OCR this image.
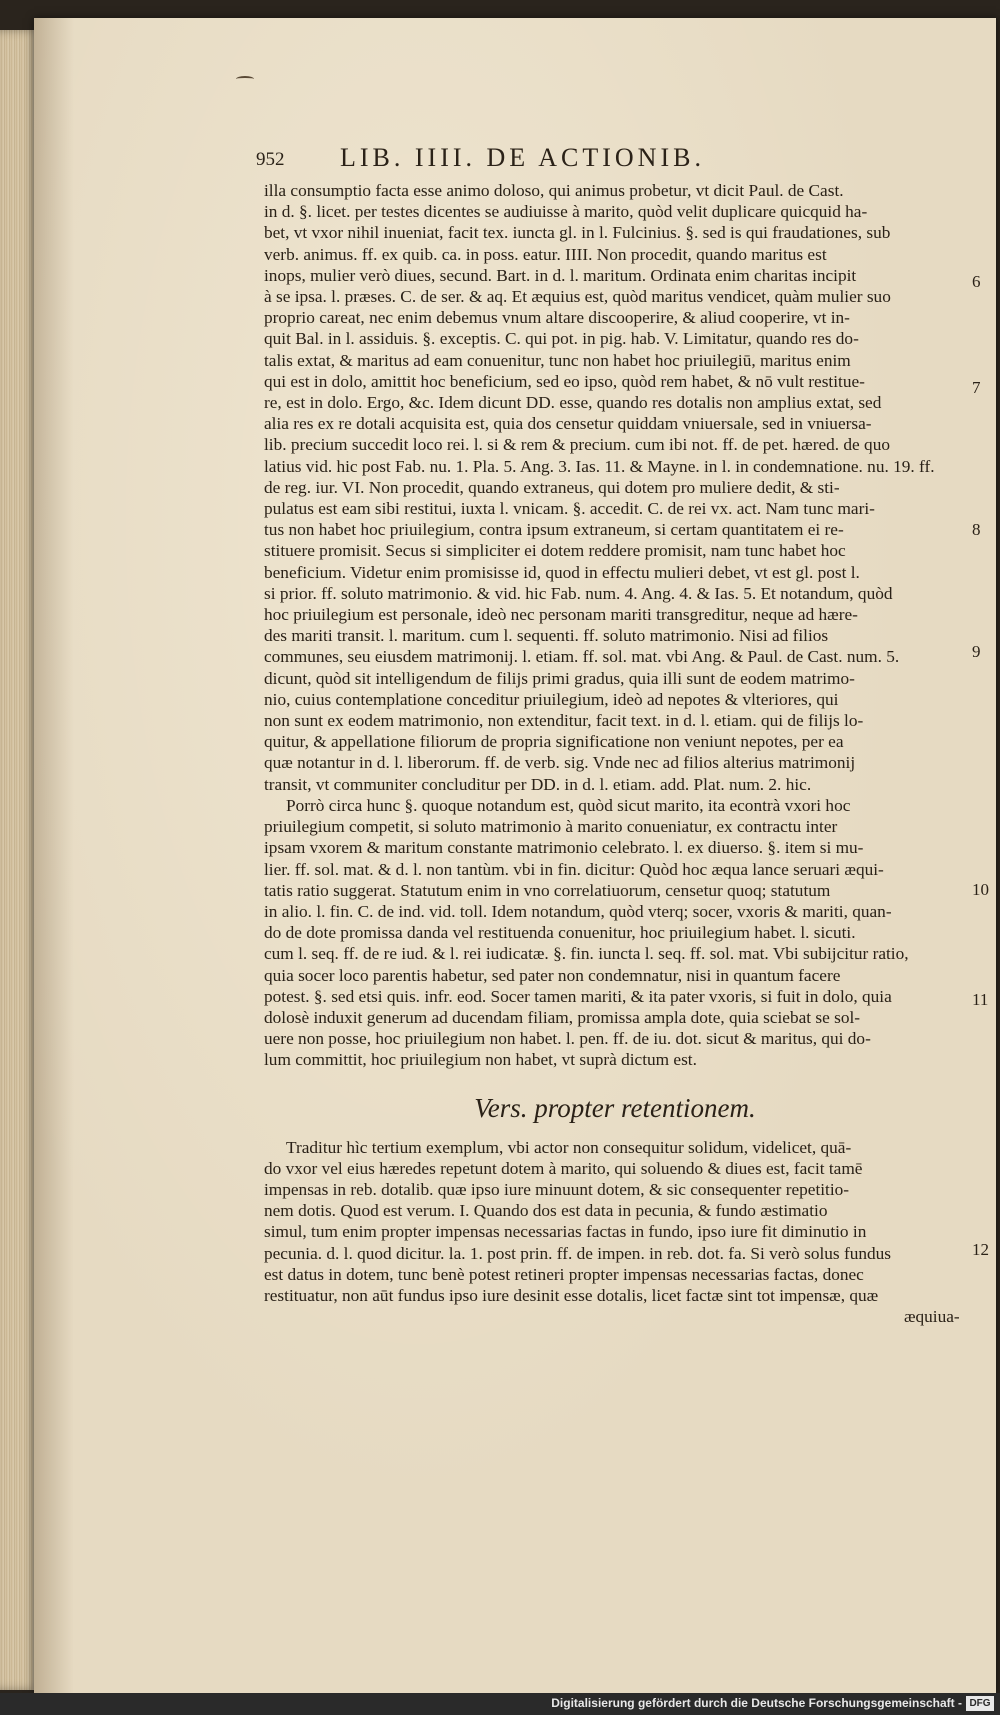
952 LIB. IIII. DE ACTIONIB.
illa consumptio facta esse animo doloso, qui animus probetur, vt dicit Paul. de Cast.
in d. §. licet. per testes dicentes se audiuisse à marito, quòd velit duplicare quicquid ha-
bet, vt vxor nihil inueniat, facit tex. iuncta gl. in l. Fulcinius. §. sed is qui fraudationes, sub
verb. animus. ff. ex quib. ca. in poss. eatur. IIII. Non procedit, quando maritus est
inops, mulier verò diues, secund. Bart. in d. l. maritum. Ordinata enim charitas incipit
à se ipsa. l. præses. C. de ser. & aq. Et æquius est, quòd maritus vendicet, quàm mulier suo
proprio careat, nec enim debemus vnum altare discooperire, & aliud cooperire, vt in-
quit Bal. in l. assiduis. §. exceptis. C. qui pot. in pig. hab. V. Limitatur, quando res do-
talis extat, & maritus ad eam conuenitur, tunc non habet hoc priuilegiū, maritus enim
qui est in dolo, amittit hoc beneficium, sed eo ipso, quòd rem habet, & nō vult restitue-
re, est in dolo. Ergo, &c. Idem dicunt DD. esse, quando res dotalis non amplius extat, sed
alia res ex re dotali acquisita est, quia dos censetur quiddam vniuersale, sed in vniuersa-
lib. precium succedit loco rei. l. si & rem & precium. cum ibi not. ff. de pet. hæred. de quo
latius vid. hic post Fab. nu. 1. Pla. 5. Ang. 3. Ias. 11. & Mayne. in l. in condemnatione. nu. 19. ff.
de reg. iur. VI. Non procedit, quando extraneus, qui dotem pro muliere dedit, & sti-
pulatus est eam sibi restitui, iuxta l. vnicam. §. accedit. C. de rei vx. act. Nam tunc mari-
tus non habet hoc priuilegium, contra ipsum extraneum, si certam quantitatem ei re-
stituere promisit. Secus si simpliciter ei dotem reddere promisit, nam tunc habet hoc
beneficium. Videtur enim promisisse id, quod in effectu mulieri debet, vt est gl. post l.
si prior. ff. soluto matrimonio. & vid. hic Fab. num. 4. Ang. 4. & Ias. 5. Et notandum, quòd
hoc priuilegium est personale, ideò nec personam mariti transgreditur, neque ad hære-
des mariti transit. l. maritum. cum l. sequenti. ff. soluto matrimonio. Nisi ad filios
communes, seu eiusdem matrimonij. l. etiam. ff. sol. mat. vbi Ang. & Paul. de Cast. num. 5.
dicunt, quòd sit intelligendum de filijs primi gradus, quia illi sunt de eodem matrimo-
nio, cuius contemplatione conceditur priuilegium, ideò ad nepotes & vlteriores, qui
non sunt ex eodem matrimonio, non extenditur, facit text. in d. l. etiam. qui de filijs lo-
quitur, & appellatione filiorum de propria significatione non veniunt nepotes, per ea
quæ notantur in d. l. liberorum. ff. de verb. sig. Vnde nec ad filios alterius matrimonij
transit, vt communiter concluditur per DD. in d. l. etiam. add. Plat. num. 2. hic.
Porrò circa hunc §. quoque notandum est, quòd sicut marito, ita econtrà vxori hoc
priuilegium competit, si soluto matrimonio à marito conueniatur, ex contractu inter
ipsam vxorem & maritum constante matrimonio celebrato. l. ex diuerso. §. item si mu-
lier. ff. sol. mat. & d. l. non tantùm. vbi in fin. dicitur: Quòd hoc æqua lance seruari æqui-
tatis ratio suggerat. Statutum enim in vno correlatiuorum, censetur quoq; statutum
in alio. l. fin. C. de ind. vid. toll. Idem notandum, quòd vterq; socer, vxoris & mariti, quan-
do de dote promissa danda vel restituenda conuenitur, hoc priuilegium habet. l. sicuti.
cum l. seq. ff. de re iud. & l. rei iudicatæ. §. fin. iuncta l. seq. ff. sol. mat. Vbi subijcitur ratio,
quia socer loco parentis habetur, sed pater non condemnatur, nisi in quantum facere
potest. §. sed etsi quis. infr. eod. Socer tamen mariti, & ita pater vxoris, si fuit in dolo, quia
dolosè induxit generum ad ducendam filiam, promissa ampla dote, quia sciebat se sol-
uere non posse, hoc priuilegium non habet. l. pen. ff. de iu. dot. sicut & maritus, qui do-
lum committit, hoc priuilegium non habet, vt suprà dictum est.
Vers. propter retentionem.
Traditur hìc tertium exemplum, vbi actor non consequitur solidum, videlicet, quā-
do vxor vel eius hæredes repetunt dotem à marito, qui soluendo & diues est, facit tamē
impensas in reb. dotalib. quæ ipso iure minuunt dotem, & sic consequenter repetitio-
nem dotis. Quod est verum. I. Quando dos est data in pecunia, & fundo æstimatio
simul, tum enim propter impensas necessarias factas in fundo, ipso iure fit diminutio in
pecunia. d. l. quod dicitur. la. 1. post prin. ff. de impen. in reb. dot. fa. Si verò solus fundus
est datus in dotem, tunc benè potest retineri propter impensas necessarias factas, donec
restituatur, non aūt fundus ipso iure desinit esse dotalis, licet factæ sint tot impensæ, quæ
æquiua-
6
7
8
9
10
11
12
Digitalisierung gefördert durch die Deutsche Forschungsgemeinschaft - DFG
